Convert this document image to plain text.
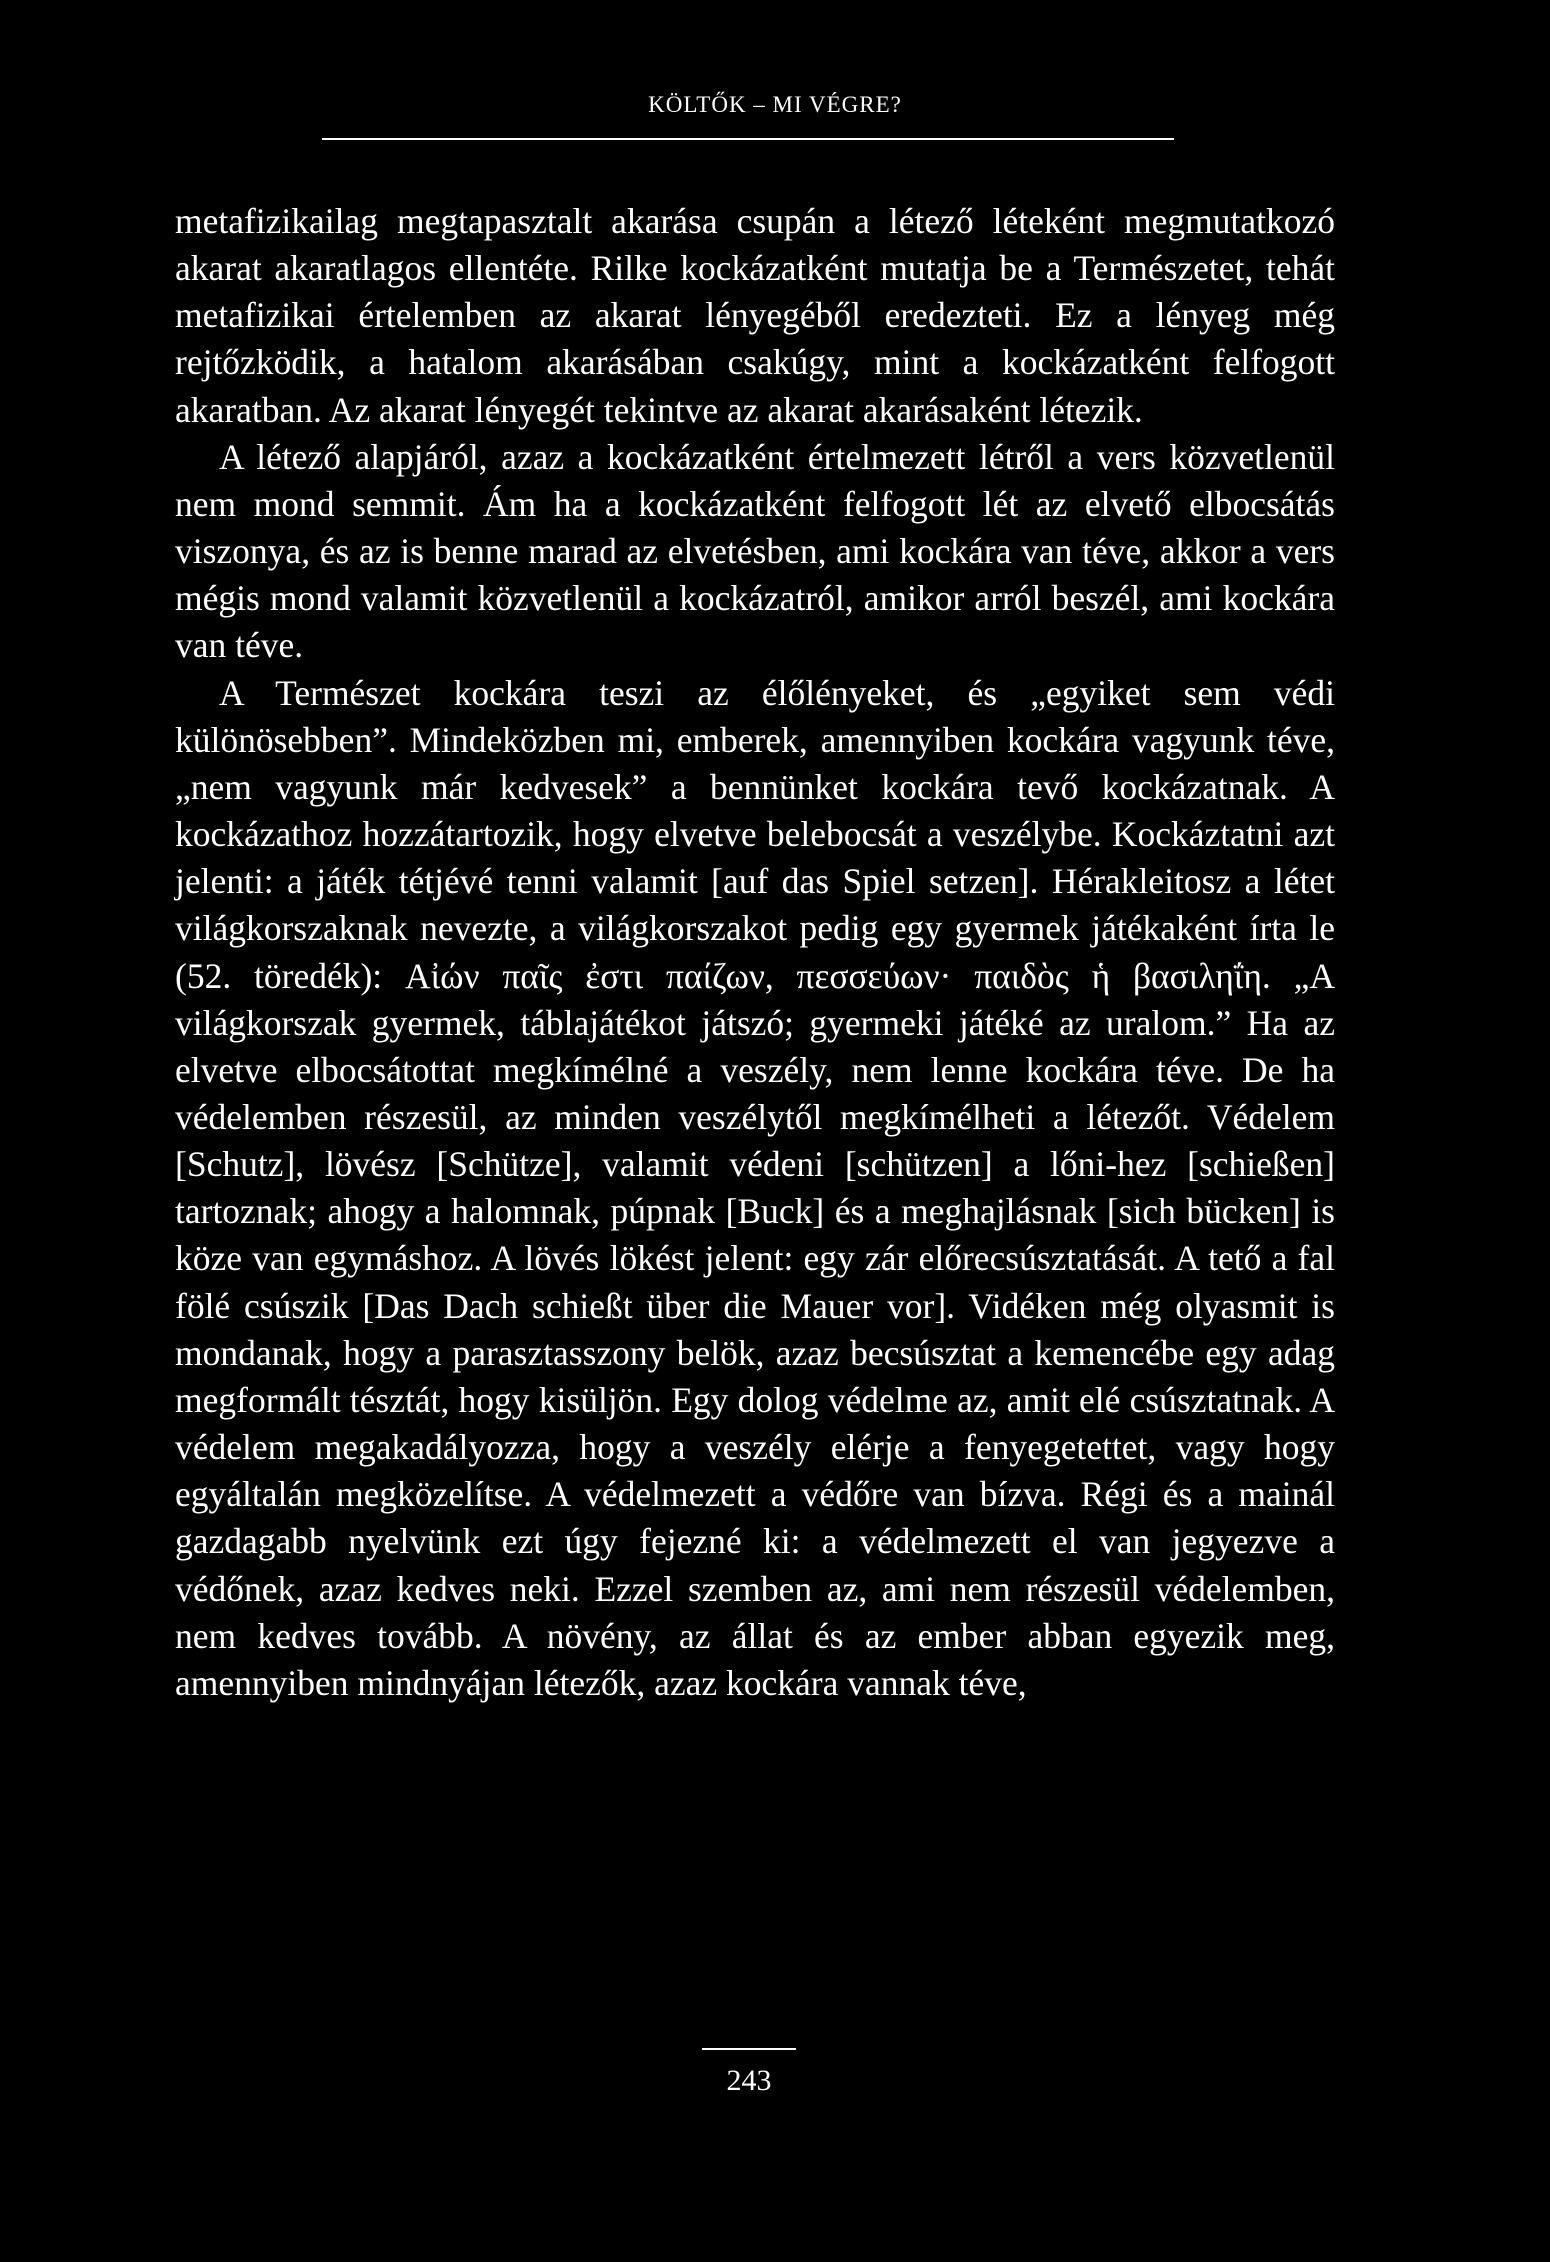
KÖLTŐK – MI VÉGRE?

metafizikailag megtapasztalt akarása csupán a létező léteként megmutatkozó akarat akaratlagos ellentéte. Rilke kockázatként mutatja be a Természetet, tehát metafizikai értelemben az akarat lényegéből eredezteti. Ez a lényeg még rejtőzködik, a hatalom akarásában csakúgy, mint a kockázatként felfogott akaratban. Az akarat lényegét tekintve az akarat akarásaként létezik.

A létező alapjáról, azaz a kockázatként értelmezett létről a vers közvetlenül nem mond semmit. Ám ha a kockázatként felfogott lét az elvető elbocsátás viszonya, és az is benne marad az elvetésben, ami kockára van téve, akkor a vers mégis mond valamit közvetlenül a kockázatról, amikor arról beszél, ami kockára van téve.

A Természet kockára teszi az élőlényeket, és „egyiket sem védi különösebben”. Mindeközben mi, emberek, amennyiben kockára vagyunk téve, „nem vagyunk már kedvesek” a bennünket kockára tevő kockázatnak. A kockázathoz hozzátartozik, hogy elvetve belebocsát a veszélybe. Kockáztatni azt jelenti: a játék tétjévé tenni valamit [auf das Spiel setzen]. Hérakleitosz a létet világkorszaknak nevezte, a világkorszakot pedig egy gyermek játékaként írta le (52. töredék): Αἰών παῖς ἐστι παίζων, πεσσεύων· παιδὸς ἡ βασιληΐη. „A világkorszak gyermek, táblajátékot játszó; gyermeki játéké az uralom.” Ha az elvetve elbocsátottat megkímélné a veszély, nem lenne kockára téve. De ha védelemben részesül, az minden veszélytől megkímélheti a létezőt. Védelem [Schutz], lövész [Schütze], valamit védeni [schützen] a lőni-hez [schießen] tartoznak; ahogy a halomnak, púpnak [Buck] és a meghajlásnak [sich bücken] is köze van egymáshoz. A lövés lökést jelent: egy zár előrecsúsztatását. A tető a fal fölé csúszik [Das Dach schießt über die Mauer vor]. Vidéken még olyasmit is mondanak, hogy a parasztasszony belök, azaz becsúsztat a kemencébe egy adag megformált tésztát, hogy kisüljön. Egy dolog védelme az, amit elé csúsztatnak. A védelem megakadályozza, hogy a veszély elérje a fenyegetettet, vagy hogy egyáltalán megközelítse. A védelmezett a védőre van bízva. Régi és a mainál gazdagabb nyelvünk ezt úgy fejezné ki: a védelmezett el van jegyezve a védőnek, azaz kedves neki. Ezzel szemben az, ami nem részesül védelemben, nem kedves tovább. A növény, az állat és az ember abban egyezik meg, amennyiben mindnyájan létezők, azaz kockára vannak téve,

243
